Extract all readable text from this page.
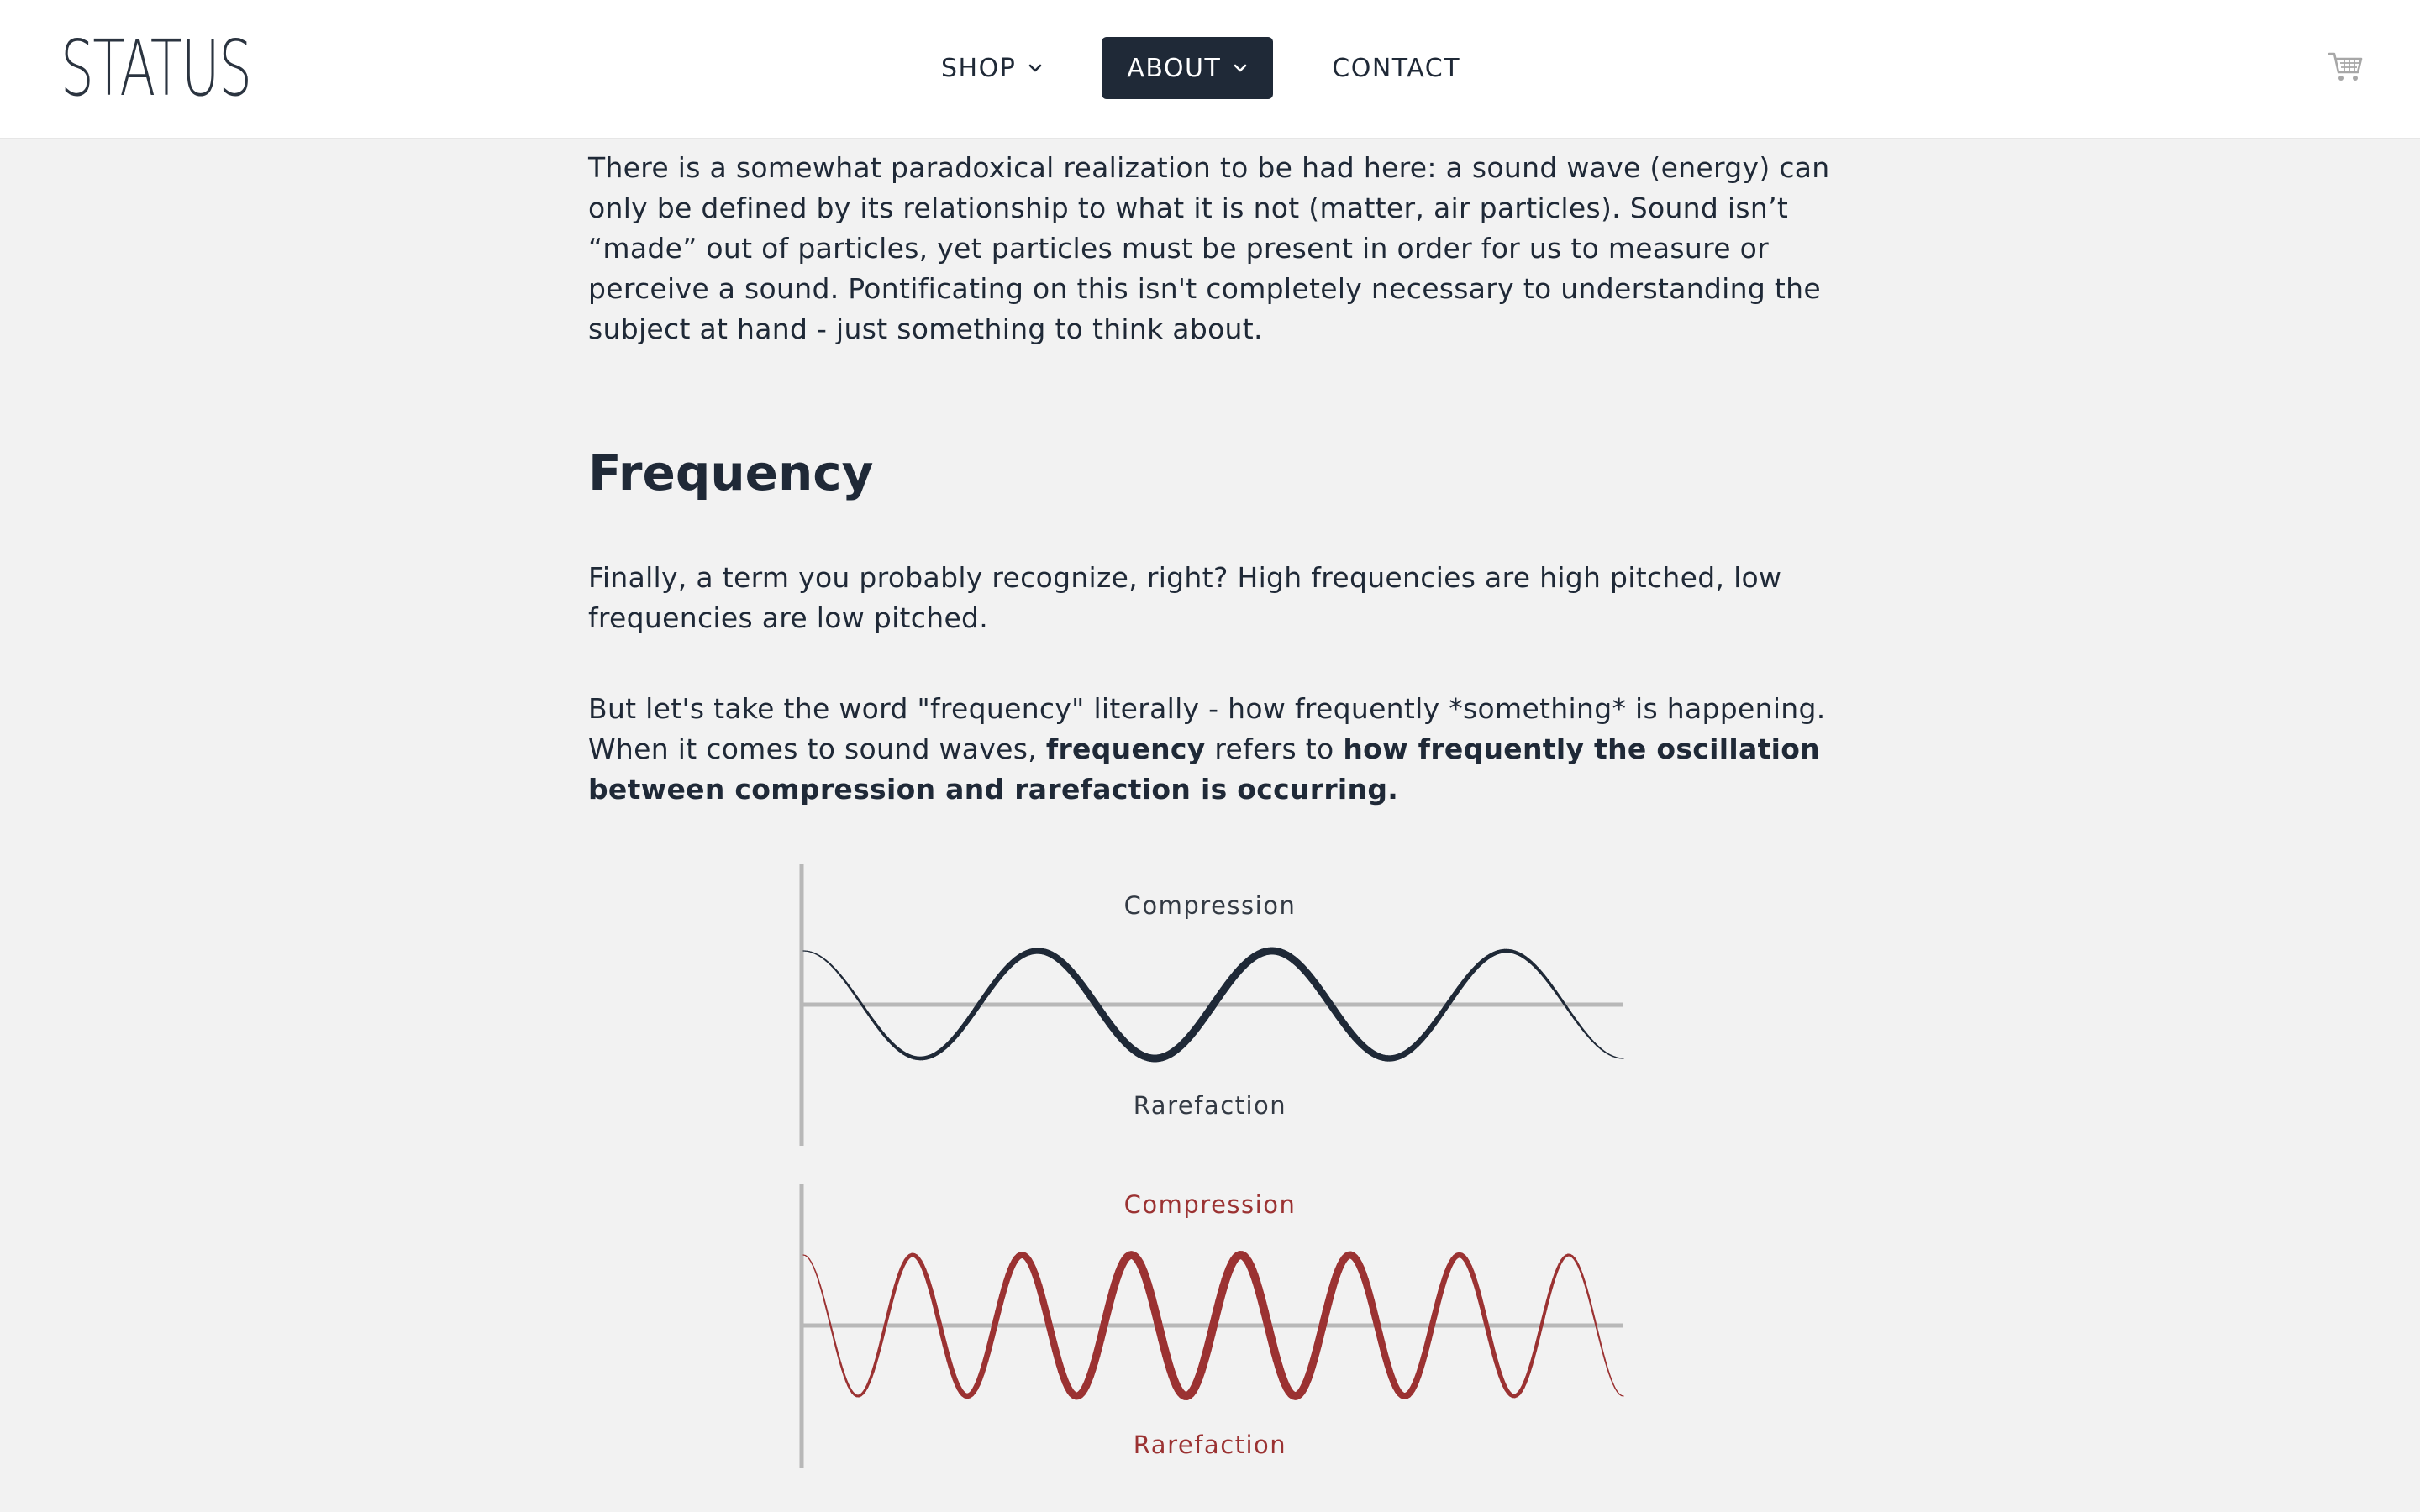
STATUS	SHOP	ABOUT	CONTACT

There is a somewhat paradoxical realization to be had here: a sound wave (energy) can only be defined by its relationship to what it is not (matter, air particles). Sound isn’t “made” out of particles, yet particles must be present in order for us to measure or perceive a sound. Pontificating on this isn't completely necessary to understanding the subject at hand - just something to think about.

Frequency

Finally, a term you probably recognize, right? High frequencies are high pitched, low frequencies are low pitched.

But let's take the word "frequency" literally - how frequently *something* is happening. When it comes to sound waves, frequency refers to how frequently the oscillation between compression and rarefaction is occurring.

Compression
Rarefaction
Compression
Rarefaction
